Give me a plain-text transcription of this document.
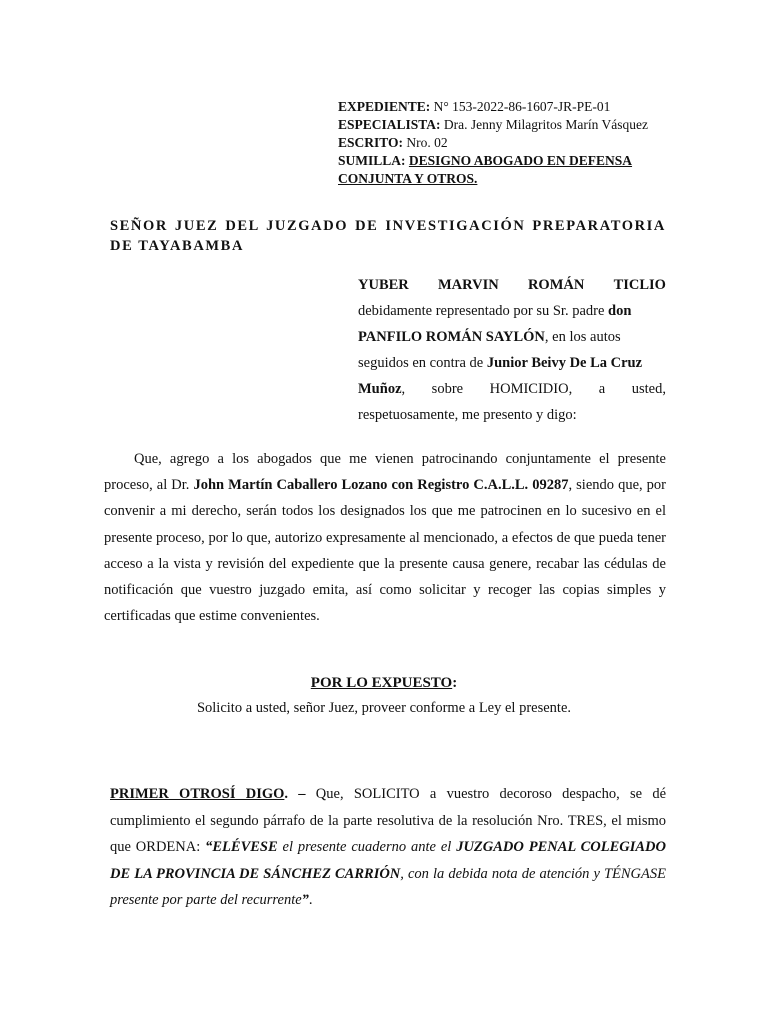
EXPEDIENTE: N° 153-2022-86-1607-JR-PE-01
ESPECIALISTA: Dra. Jenny Milagritos Marín Vásquez
ESCRITO: Nro. 02
SUMILLA: DESIGNO ABOGADO EN DEFENSA
CONJUNTA Y OTROS.
SEÑOR JUEZ DEL JUZGADO DE INVESTIGACIÓN PREPARATORIA DE TAYABAMBA
YUBER MARVIN ROMÁN TICLIO
debidamente representado por su Sr. padre don
PANFILO ROMÁN SAYLÓN, en los autos
seguidos en contra de Junior Beivy De La Cruz
Muñoz, sobre HOMICIDIO, a usted,
respetuosamente, me presento y digo:
Que, agrego a los abogados que me vienen patrocinando conjuntamente el presente proceso, al Dr. John Martín Caballero Lozano con Registro C.A.L.L. 09287, siendo que, por convenir a mi derecho, serán todos los designados los que me patrocinen en lo sucesivo en el presente proceso, por lo que, autorizo expresamente al mencionado, a efectos de que pueda tener acceso a la vista y revisión del expediente que la presente causa genere, recabar las cédulas de notificación que vuestro juzgado emita, así como solicitar y recoger las copias simples y certificadas que estime convenientes.
POR LO EXPUESTO:
Solicito a usted, señor Juez, proveer conforme a Ley el presente.
PRIMER OTROSÍ DIGO. – Que, SOLICITO a vuestro decoroso despacho, se dé cumplimiento el segundo párrafo de la parte resolutiva de la resolución Nro. TRES, el mismo que ORDENA: “ELÉVESE el presente cuaderno ante el JUZGADO PENAL COLEGIADO DE LA PROVINCIA DE SÁNCHEZ CARRIÓN, con la debida nota de atención y TÉNGASE presente por parte del recurrente”.
